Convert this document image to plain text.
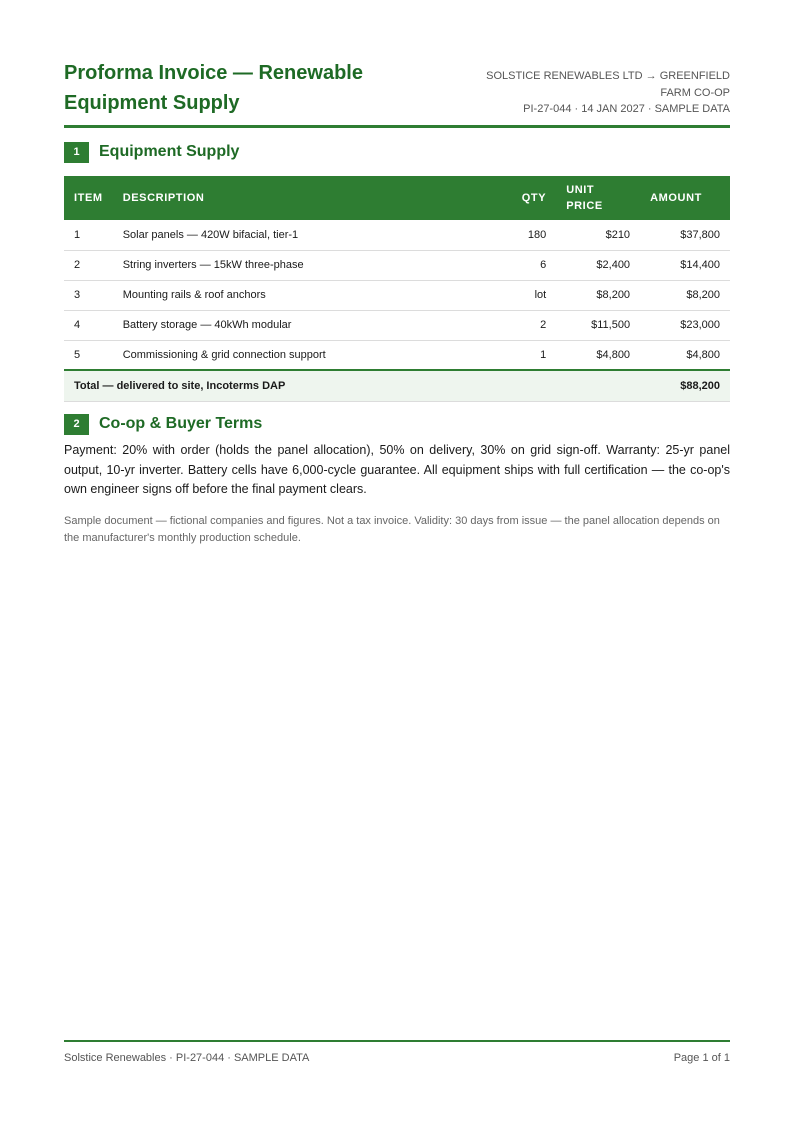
Proforma Invoice — Renewable Equipment Supply
SOLSTICE RENEWABLES LTD → GREENFIELD FARM CO-OP
PI-27-044 · 14 JAN 2027 · SAMPLE DATA
1	Equipment Supply
ITEM	DESCRIPTION	QTY	UNIT PRICE	AMOUNT
1	Solar panels — 420W bifacial, tier-1	180	$210	$37,800
2	String inverters — 15kW three-phase	6	$2,400	$14,400
3	Mounting rails & roof anchors	lot	$8,200	$8,200
4	Battery storage — 40kWh modular	2	$11,500	$23,000
5	Commissioning & grid connection support	1	$4,800	$4,800
Total — delivered to site, Incoterms DAP				$88,200
2	Co-op & Buyer Terms

Payment: 20% with order (holds the panel allocation), 50% on delivery, 30% on grid sign-off. Warranty: 25-yr panel output, 10-yr inverter. Battery cells have 6,000-cycle guarantee. All equipment ships with full certification — the co-op's own engineer signs off before the final payment clears.

Sample document — fictional companies and figures. Not a tax invoice. Validity: 30 days from issue — the panel allocation depends on the manufacturer's monthly production schedule.

Solstice Renewables · PI-27-044 · SAMPLE DATA	Page 1 of 1
